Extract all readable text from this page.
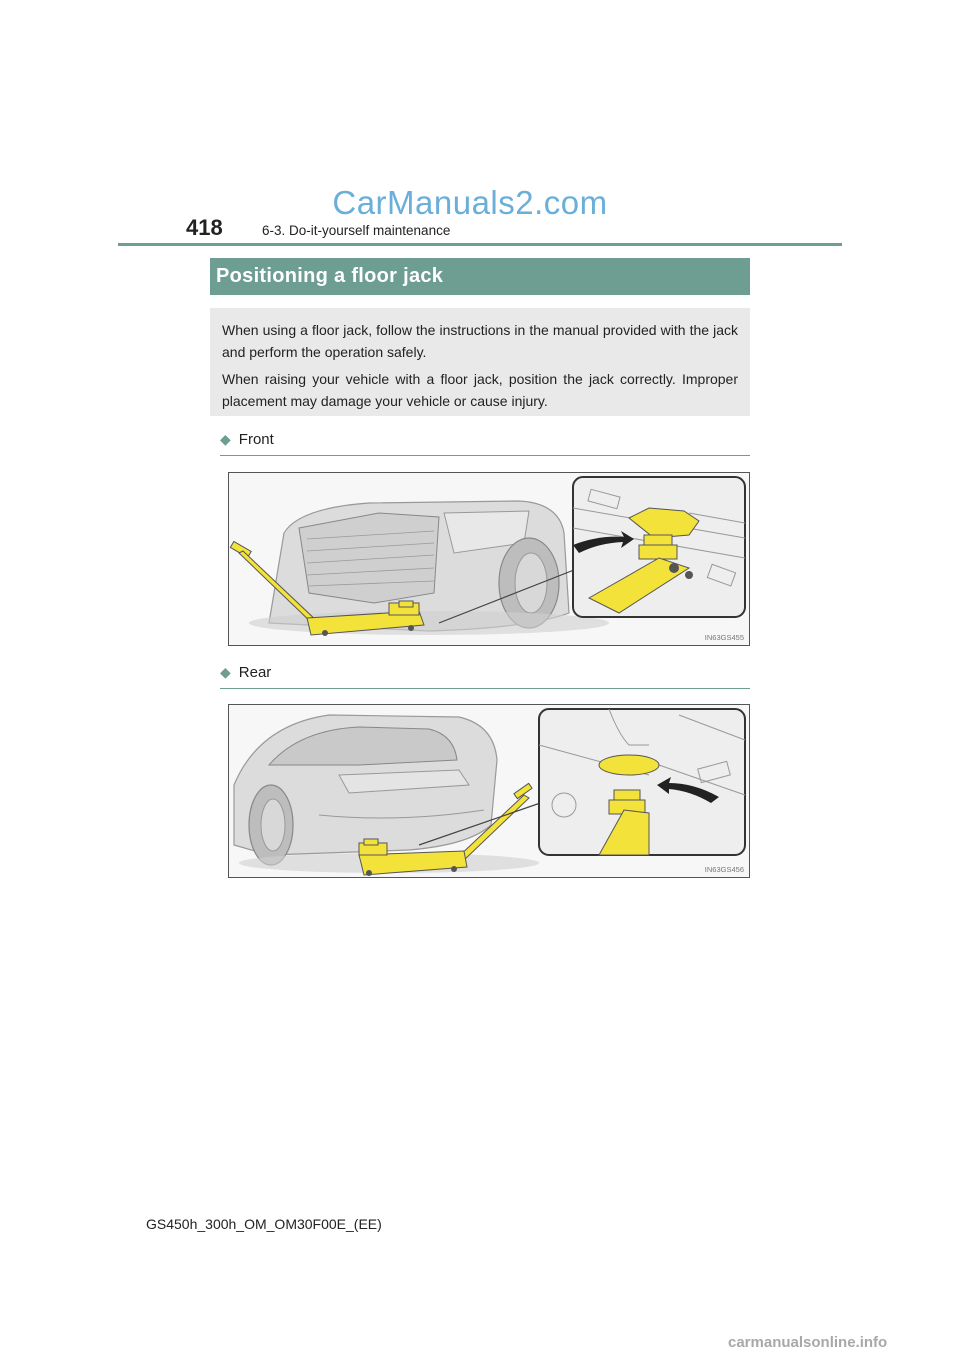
CarManuals2.com
418	6-3. Do-it-yourself maintenance
Positioning a floor jack

When using a floor jack, follow the instructions in the manual provided with the jack and perform the operation safely.

When raising your vehicle with a floor jack, position the jack correctly. Improper placement may damage your vehicle or cause injury.

◆ Front
IN63GS455
◆ Rear
IN63GS456
GS450h_300h_OM_OM30F00E_(EE)
carmanualsonline.info
